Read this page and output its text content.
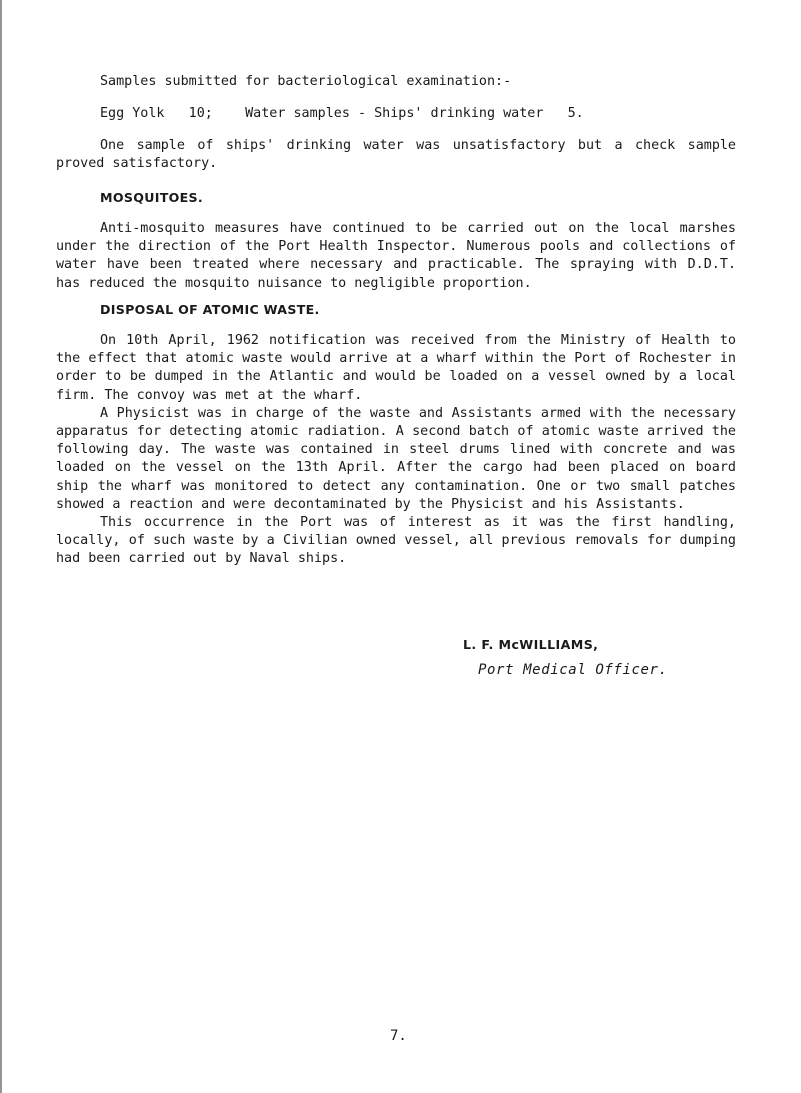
Samples submitted for bacteriological examination:-

Egg Yolk   10;    Water samples - Ships' drinking water   5.

One sample of ships' drinking water was unsatisfactory but a check sample proved satisfactory.

MOSQUITOES.

Anti-mosquito measures have continued to be carried out on the local marshes under the direction of the Port Health Inspector. Numerous pools and collections of water have been treated where necessary and practicable. The spraying with D.D.T. has reduced the mosquito nuisance to negligible proportion.

DISPOSAL OF ATOMIC WASTE.

On 10th April, 1962 notification was received from the Ministry of Health to the effect that atomic waste would arrive at a wharf within the Port of Rochester in order to be dumped in the Atlantic and would be loaded on a vessel owned by a local firm. The convoy was met at the wharf.
A Physicist was in charge of the waste and Assistants armed with the necessary apparatus for detecting atomic radiation. A second batch of atomic waste arrived the following day. The waste was contained in steel drums lined with concrete and was loaded on the vessel on the 13th April. After the cargo had been placed on board ship the wharf was monitored to detect any contamination. One or two small patches showed a reaction and were decontaminated by the Physicist and his Assistants.
This occurrence in the Port was of interest as it was the first handling, locally, of such waste by a Civilian owned vessel, all previous removals for dumping had been carried out by Naval ships.

L. F. McWILLIAMS,

Port Medical Officer.

7.
